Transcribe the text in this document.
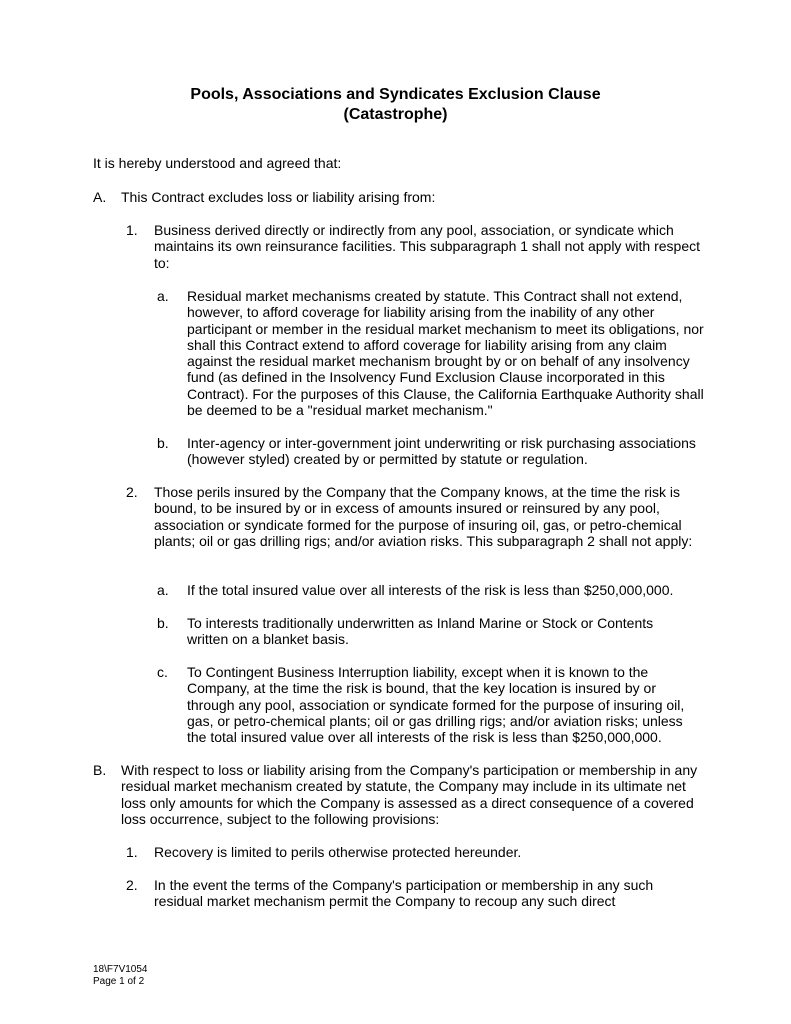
Pools, Associations and Syndicates Exclusion Clause
(Catastrophe)

It is hereby understood and agreed that:

A. This Contract excludes loss or liability arising from:

1. Business derived directly or indirectly from any pool, association, or syndicate which maintains its own reinsurance facilities. This subparagraph 1 shall not apply with respect to:

a. Residual market mechanisms created by statute. This Contract shall not extend, however, to afford coverage for liability arising from the inability of any other participant or member in the residual market mechanism to meet its obligations, nor shall this Contract extend to afford coverage for liability arising from any claim against the residual market mechanism brought by or on behalf of any insolvency fund (as defined in the Insolvency Fund Exclusion Clause incorporated in this Contract). For the purposes of this Clause, the California Earthquake Authority shall be deemed to be a "residual market mechanism."

b. Inter-agency or inter-government joint underwriting or risk purchasing associations (however styled) created by or permitted by statute or regulation.

2. Those perils insured by the Company that the Company knows, at the time the risk is bound, to be insured by or in excess of amounts insured or reinsured by any pool, association or syndicate formed for the purpose of insuring oil, gas, or petro-chemical plants; oil or gas drilling rigs; and/or aviation risks. This subparagraph 2 shall not apply:

a. If the total insured value over all interests of the risk is less than $250,000,000.

b. To interests traditionally underwritten as Inland Marine or Stock or Contents written on a blanket basis.

c. To Contingent Business Interruption liability, except when it is known to the Company, at the time the risk is bound, that the key location is insured by or through any pool, association or syndicate formed for the purpose of insuring oil, gas, or petro-chemical plants; oil or gas drilling rigs; and/or aviation risks; unless the total insured value over all interests of the risk is less than $250,000,000.

B. With respect to loss or liability arising from the Company's participation or membership in any residual market mechanism created by statute, the Company may include in its ultimate net loss only amounts for which the Company is assessed as a direct consequence of a covered loss occurrence, subject to the following provisions:

1. Recovery is limited to perils otherwise protected hereunder.

2. In the event the terms of the Company's participation or membership in any such residual market mechanism permit the Company to recoup any such direct

18\F7V1054
Page 1 of 2
